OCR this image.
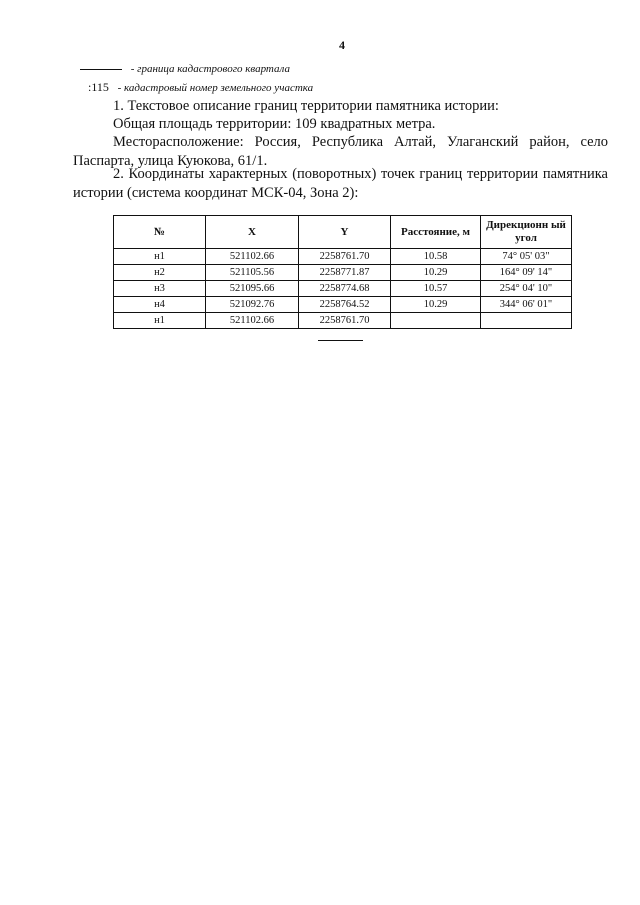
4
- граница кадастрового квартала
:115 - кадастровый номер земельного участка

1. Текстовое описание границ территории памятника истории:

Общая площадь территории: 109 квадратных метра.

Месторасположение: Россия, Республика Алтай, Улаганский район, село Паспарта, улица Куюкова, 61/1.

2. Координаты характерных (поворотных) точек границ территории памятника истории (система координат МСК-04, Зона 2):

№	X	Y	Расстояние, м	Дирекционн ый угол
н1	521102.66	2258761.70	10.58	74° 05' 03"
н2	521105.56	2258771.87	10.29	164° 09' 14"
н3	521095.66	2258774.68	10.57	254° 04' 10"
н4	521092.76	2258764.52	10.29	344° 06' 01"
н1	521102.66	2258761.70		
